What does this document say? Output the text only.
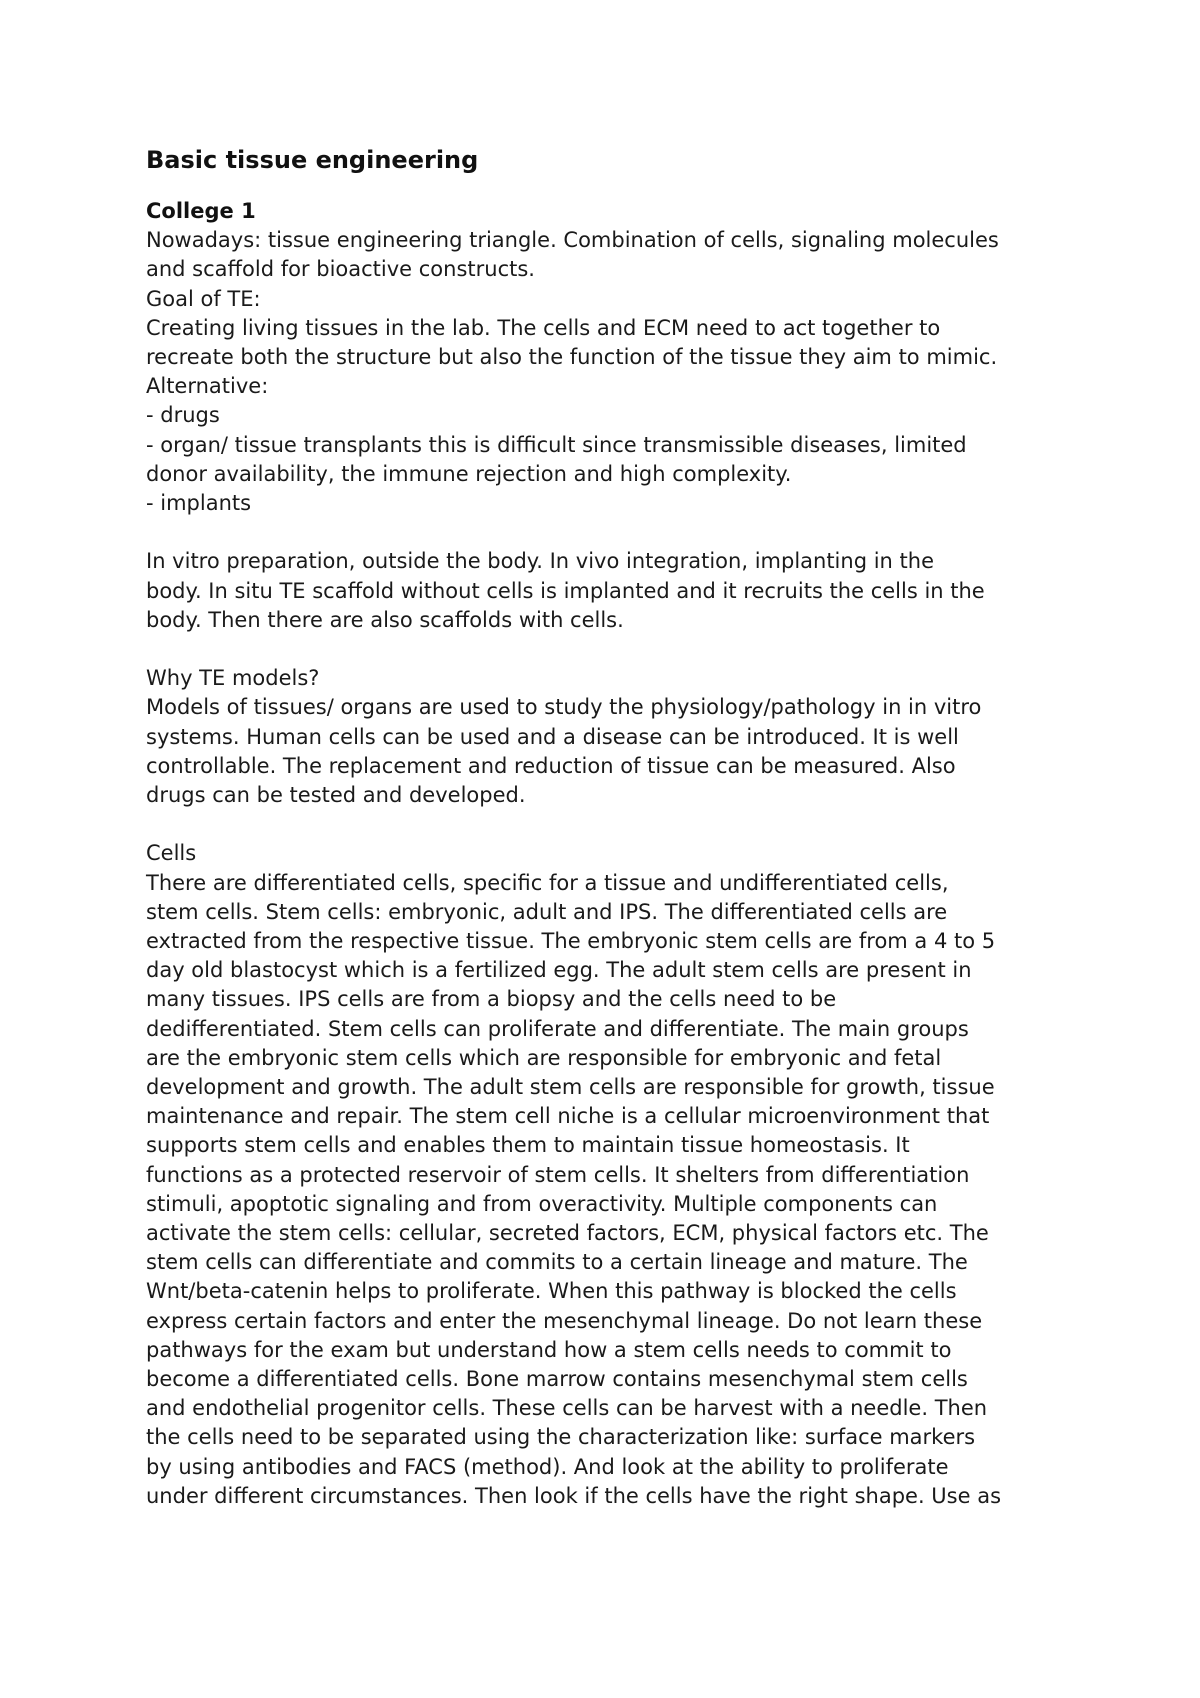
Basic tissue engineering
College 1
Nowadays: tissue engineering triangle. Combination of cells, signaling molecules
and scaffold for bioactive constructs.
Goal of TE:
Creating living tissues in the lab. The cells and ECM need to act together to
recreate both the structure but also the function of the tissue they aim to mimic.
Alternative:
- drugs
- organ/ tissue transplants this is difficult since transmissible diseases, limited
donor availability, the immune rejection and high complexity.
- implants
In vitro preparation, outside the body. In vivo integration, implanting in the
body. In situ TE scaffold without cells is implanted and it recruits the cells in the
body. Then there are also scaffolds with cells.
Why TE models?
Models of tissues/ organs are used to study the physiology/pathology in in vitro
systems. Human cells can be used and a disease can be introduced. It is well
controllable. The replacement and reduction of tissue can be measured. Also
drugs can be tested and developed.
Cells
There are differentiated cells, specific for a tissue and undifferentiated cells,
stem cells. Stem cells: embryonic, adult and IPS. The differentiated cells are
extracted from the respective tissue. The embryonic stem cells are from a 4 to 5
day old blastocyst which is a fertilized egg. The adult stem cells are present in
many tissues. IPS cells are from a biopsy and the cells need to be
dedifferentiated. Stem cells can proliferate and differentiate. The main groups
are the embryonic stem cells which are responsible for embryonic and fetal
development and growth. The adult stem cells are responsible for growth, tissue
maintenance and repair. The stem cell niche is a cellular microenvironment that
supports stem cells and enables them to maintain tissue homeostasis. It
functions as a protected reservoir of stem cells. It shelters from differentiation
stimuli, apoptotic signaling and from overactivity. Multiple components can
activate the stem cells: cellular, secreted factors, ECM, physical factors etc. The
stem cells can differentiate and commits to a certain lineage and mature. The
Wnt/beta-catenin helps to proliferate. When this pathway is blocked the cells
express certain factors and enter the mesenchymal lineage. Do not learn these
pathways for the exam but understand how a stem cells needs to commit to
become a differentiated cells. Bone marrow contains mesenchymal stem cells
and endothelial progenitor cells. These cells can be harvest with a needle. Then
the cells need to be separated using the characterization like: surface markers
by using antibodies and FACS (method). And look at the ability to proliferate
under different circumstances. Then look if the cells have the right shape. Use as
